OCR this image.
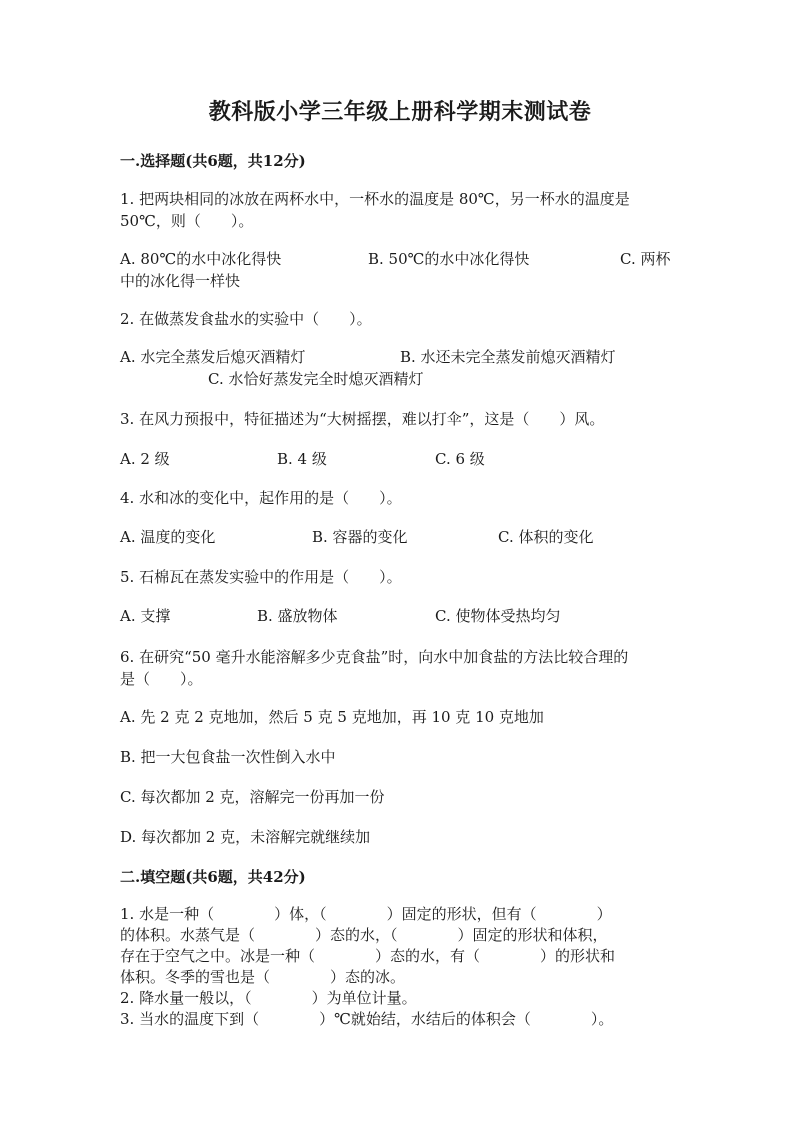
教科版小学三年级上册科学期末测试卷
一.选择题(共6题，共12分)
1. 把两块相同的冰放在两杯水中，一杯水的温度是 80℃，另一杯水的温度是
50℃，则（　　）。
A. 80℃的水中冰化得快	B. 50℃的水中冰化得快	C. 两杯
中的冰化得一样快
2. 在做蒸发食盐水的实验中（　　）。
A. 水完全蒸发后熄灭酒精灯	B. 水还未完全蒸发前熄灭酒精灯
C. 水恰好蒸发完全时熄灭酒精灯
3. 在风力预报中，特征描述为“大树摇摆，难以打伞”，这是（　　）风。
A. 2 级	B. 4 级	C. 6 级
4. 水和冰的变化中，起作用的是（　　）。
A. 温度的变化	B. 容器的变化	C. 体积的变化
5. 石棉瓦在蒸发实验中的作用是（　　）。
A. 支撑	B. 盛放物体	C. 使物体受热均匀
6. 在研究“50 毫升水能溶解多少克食盐”时，向水中加食盐的方法比较合理的
是（　　）。
A. 先 2 克 2 克地加，然后 5 克 5 克地加，再 10 克 10 克地加
B. 把一大包食盐一次性倒入水中
C. 每次都加 2 克，溶解完一份再加一份
D. 每次都加 2 克，未溶解完就继续加
二.填空题(共6题，共42分)
1. 水是一种（　　　　）体，（　　　　）固定的形状，但有（　　　　）
的体积。水蒸气是（　　　　）态的水，（　　　　）固定的形状和体积，
存在于空气之中。冰是一种（　　　　）态的水，有（　　　　）的形状和
体积。冬季的雪也是（　　　　）态的冰。
2. 降水量一般以，（　　　　）为单位计量。
3. 当水的温度下到（　　　　）℃就始结，水结后的体积会（　　　　）。
